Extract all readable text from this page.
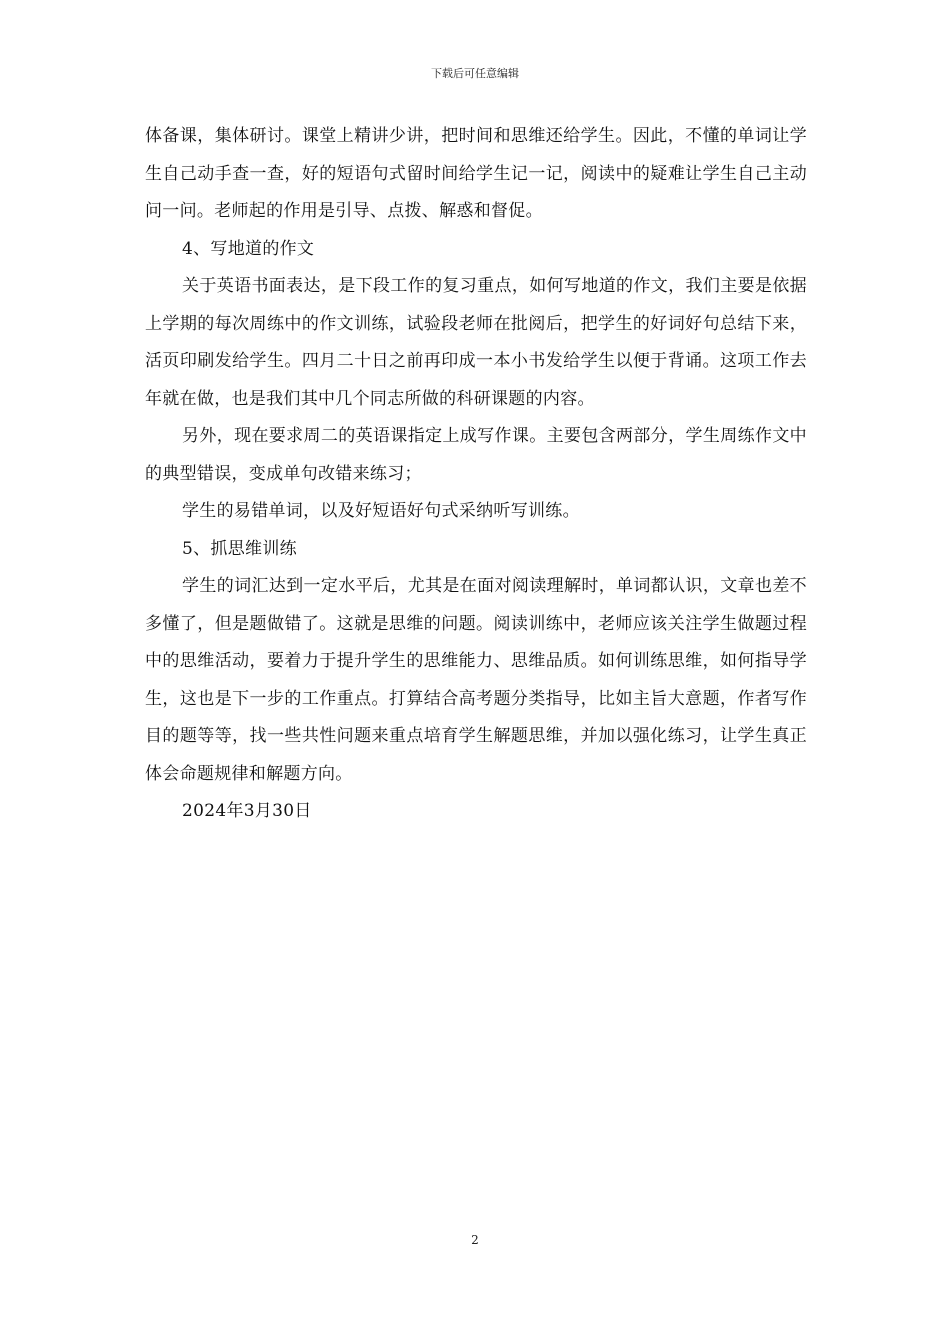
下载后可任意编辑

体备课，集体研讨。课堂上精讲少讲，把时间和思维还给学生。因此，不懂的单词让学生自己动手查一查，好的短语句式留时间给学生记一记，阅读中的疑难让学生自己主动问一问。老师起的作用是引导、点拨、解惑和督促。

4、写地道的作文

关于英语书面表达，是下段工作的复习重点，如何写地道的作文，我们主要是依据上学期的每次周练中的作文训练，试验段老师在批阅后，把学生的好词好句总结下来，活页印刷发给学生。四月二十日之前再印成一本小书发给学生以便于背诵。这项工作去年就在做，也是我们其中几个同志所做的科研课题的内容。

另外，现在要求周二的英语课指定上成写作课。主要包含两部分，学生周练作文中的典型错误，变成单句改错来练习；

学生的易错单词，以及好短语好句式采纳听写训练。

5、抓思维训练

学生的词汇达到一定水平后，尤其是在面对阅读理解时，单词都认识，文章也差不多懂了，但是题做错了。这就是思维的问题。阅读训练中，老师应该关注学生做题过程中的思维活动，要着力于提升学生的思维能力、思维品质。如何训练思维，如何指导学生，这也是下一步的工作重点。打算结合高考题分类指导，比如主旨大意题，作者写作目的题等等，找一些共性问题来重点培育学生解题思维，并加以强化练习，让学生真正体会命题规律和解题方向。

2024年3月30日

2
